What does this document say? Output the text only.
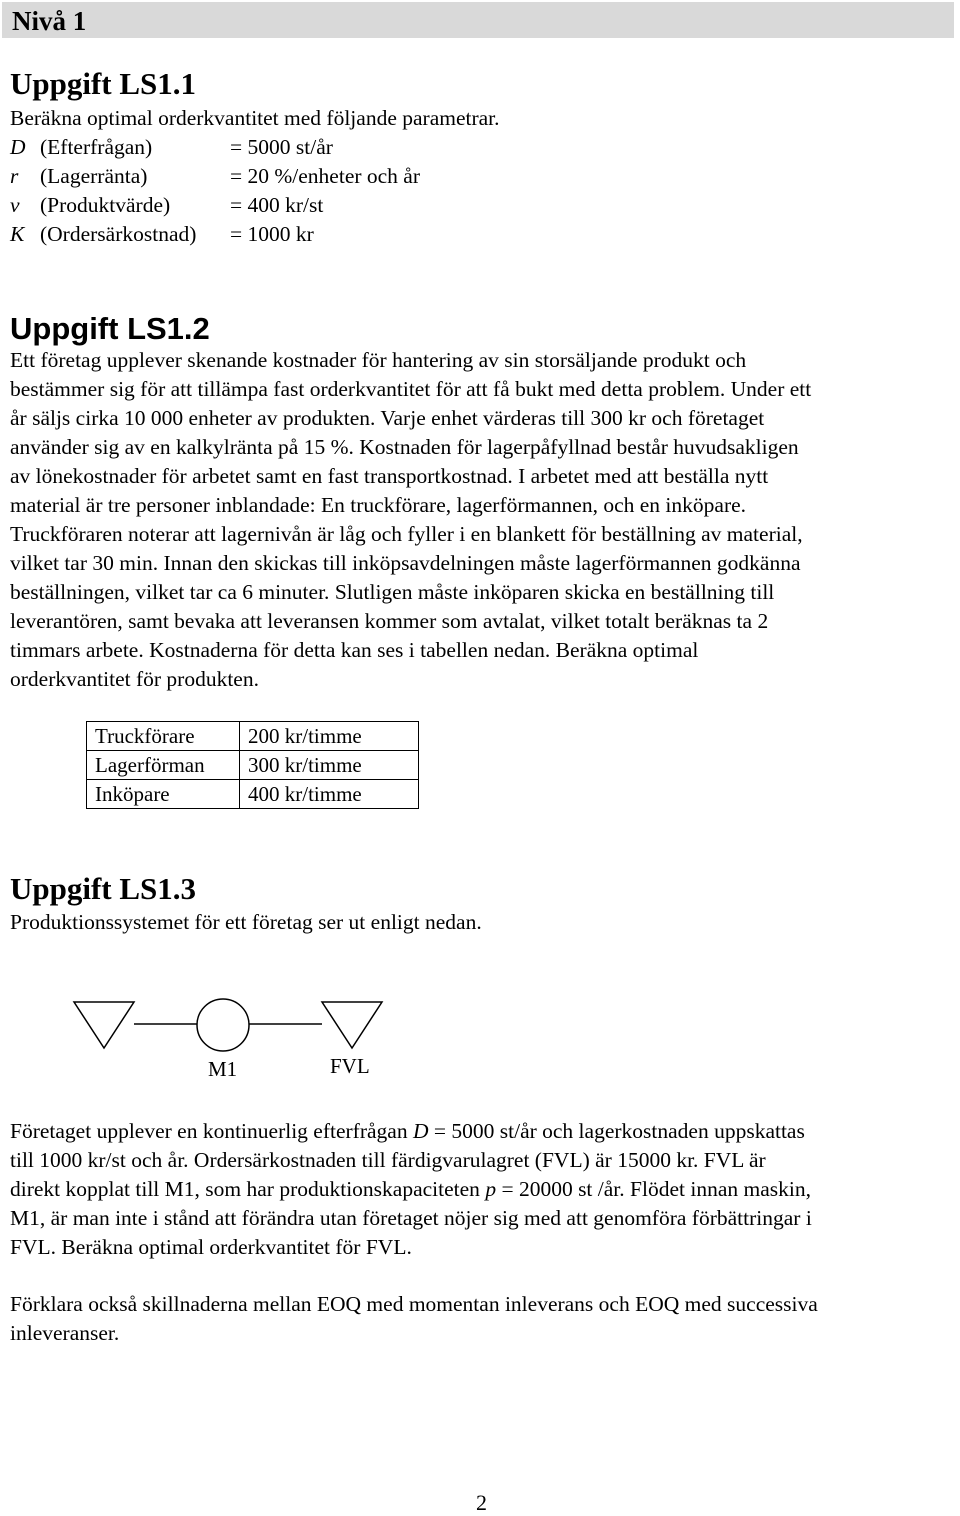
Nivå 1
Uppgift LS1.1
Beräkna optimal orderkvantitet med följande parametrar.
D (Efterfrågan)	= 5000 st/år
r (Lagerränta)	= 20 %/enheter och år
v (Produktvärde)	= 400 kr/st
K (Ordersärkostnad) = 1000 kr
Uppgift LS1.2
Ett företag upplever skenande kostnader för hantering av sin storsäljande produkt och
bestämmer sig för att tillämpa fast orderkvantitet för att få bukt med detta problem. Under ett
år säljs cirka 10 000 enheter av produkten. Varje enhet värderas till 300 kr och företaget
använder sig av en kalkylränta på 15 %. Kostnaden för lagerpåfyllnad består huvudsakligen
av lönekostnader för arbetet samt en fast transportkostnad. I arbetet med att beställa nytt
material är tre personer inblandade: En truckförare, lagerförmannen, och en inköpare.
Truckföraren noterar att lagernivån är låg och fyller i en blankett för beställning av material,
vilket tar 30 min. Innan den skickas till inköpsavdelningen måste lagerförmannen godkänna
beställningen, vilket tar ca 6 minuter. Slutligen måste inköparen skicka en beställning till
leverantören, samt bevaka att leveransen kommer som avtalat, vilket totalt beräknas ta 2
timmars arbete. Kostnaderna för detta kan ses i tabellen nedan. Beräkna optimal
orderkvantitet för produkten.
Truckförare	200 kr/timme
Lagerförman	300 kr/timme
Inköpare	400 kr/timme
Uppgift LS1.3
Produktionssystemet för ett företag ser ut enligt nedan.
M1	FVL
Företaget upplever en kontinuerlig efterfrågan D = 5000 st/år och lagerkostnaden uppskattas
till 1000 kr/st och år. Ordersärkostnaden till färdigvarulagret (FVL) är 15000 kr. FVL är
direkt kopplat till M1, som har produktionskapaciteten p = 20000 st /år. Flödet innan maskin,
M1, är man inte i stånd att förändra utan företaget nöjer sig med att genomföra förbättringar i
FVL. Beräkna optimal orderkvantitet för FVL.
Förklara också skillnaderna mellan EOQ med momentan inleverans och EOQ med successiva
inleveranser.
2
